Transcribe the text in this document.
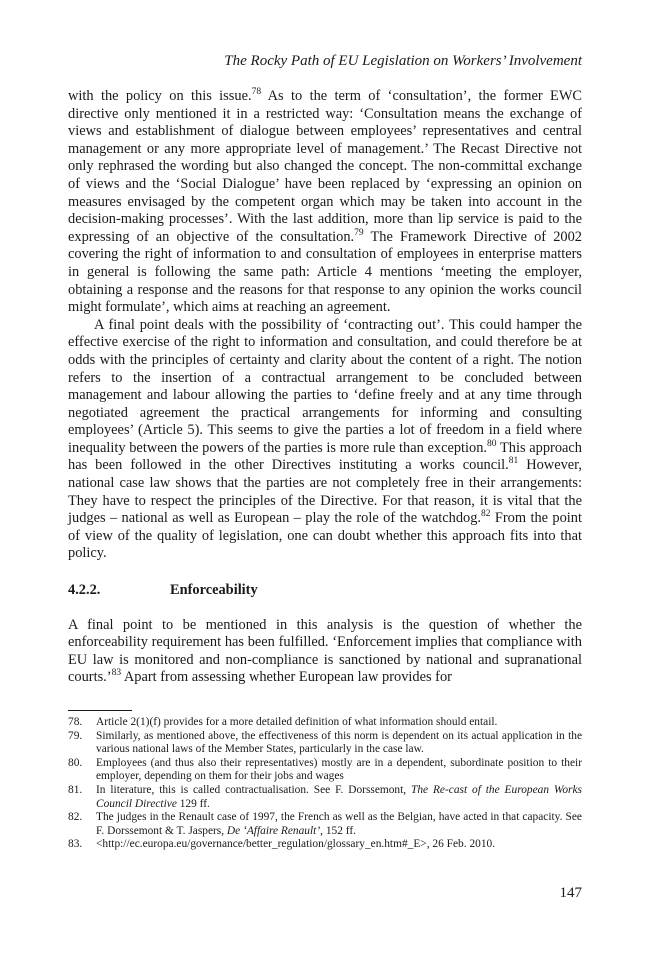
The Rocky Path of EU Legislation on Workers’ Involvement

with the policy on this issue.$^{78}$ As to the term of ‘consultation’, the former EWC directive only mentioned it in a restricted way: ‘Consultation means the exchange of views and establishment of dialogue between employees’ representatives and central management or any more appropriate level of management.’ The Recast Directive not only rephrased the wording but also changed the concept. The non-committal exchange of views and the ‘Social Dialogue’ have been replaced by ‘expressing an opinion on measures envisaged by the competent organ which may be taken into account in the decision-making processes’. With the last addition, more than lip service is paid to the expressing of an objective of the consultation.$^{79}$ The Framework Directive of 2002 covering the right of information to and consultation of employees in enterprise matters in general is following the same path: Article 4 mentions ‘meeting the employer, obtaining a response and the reasons for that response to any opinion the works council might formulate’, which aims at reaching an agreement.

A final point deals with the possibility of ‘contracting out’. This could hamper the effective exercise of the right to information and consultation, and could therefore be at odds with the principles of certainty and clarity about the content of a right. The notion refers to the insertion of a contractual arrangement to be concluded between management and labour allowing the parties to ‘define freely and at any time through negotiated agreement the practical arrangements for informing and consulting employees’ (Article 5). This seems to give the parties a lot of freedom in a field where inequality between the powers of the parties is more rule than exception.$^{80}$ This approach has been followed in the other Directives instituting a works council.$^{81}$ However, national case law shows that the parties are not completely free in their arrangements: They have to respect the principles of the Directive. For that reason, it is vital that the judges – national as well as European – play the role of the watchdog.$^{82}$ From the point of view of the quality of legislation, one can doubt whether this approach fits into that policy.

4.2.2.	Enforceability

A final point to be mentioned in this analysis is the question of whether the enforceability requirement has been fulfilled. ‘Enforcement implies that compliance with EU law is monitored and non-compliance is sanctioned by national and supranational courts.’$^{83}$ Apart from assessing whether European law provides for

78.	Article 2(1)(f) provides for a more detailed definition of what information should entail.
79.	Similarly, as mentioned above, the effectiveness of this norm is dependent on its actual application in the various national laws of the Member States, particularly in the case law.
80.	Employees (and thus also their representatives) mostly are in a dependent, subordinate position to their employer, depending on them for their jobs and wages
81.	In literature, this is called contractualisation. See F. Dorssemont, The Re-cast of the European Works Council Directive 129 ff.
82.	The judges in the Renault case of 1997, the French as well as the Belgian, have acted in that capacity. See F. Dorssemont & T. Jaspers, De ‘Affaire Renault’, 152 ff.
83.	<http://ec.europa.eu/governance/better_regulation/glossary_en.htm#_E>, 26 Feb. 2010.
147
